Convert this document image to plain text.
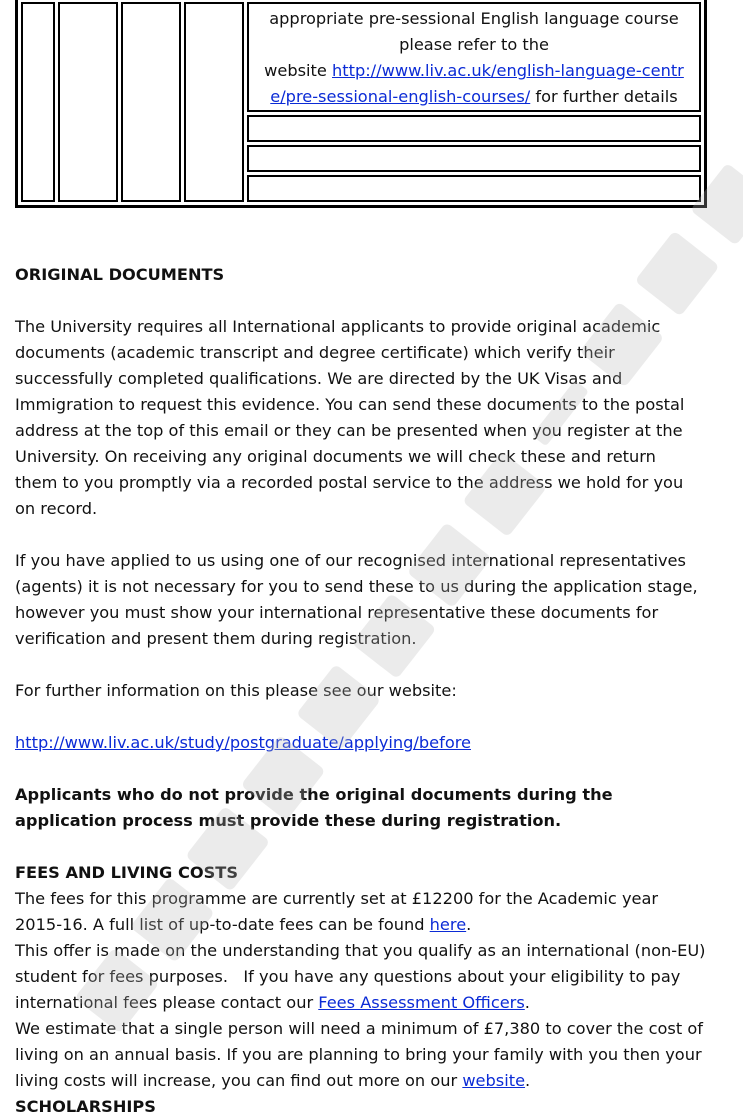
				appropriate pre-sessional English language course
please refer to the
website http://www.liv.ac.uk/english-language-centr
e/pre-sessional-english-courses/ for further details

ORIGINAL DOCUMENTS

The University requires all International applicants to provide original academic
documents (academic transcript and degree certificate) which verify their
successfully completed qualifications. We are directed by the UK Visas and
Immigration to request this evidence. You can send these documents to the postal
address at the top of this email or they can be presented when you register at the
University. On receiving any original documents we will check these and return
them to you promptly via a recorded postal service to the address we hold for you
on record.

If you have applied to us using one of our recognised international representatives
(agents) it is not necessary for you to send these to us during the application stage,
however you must show your international representative these documents for
verification and present them during registration.

For further information on this please see our website:

http://www.liv.ac.uk/study/postgraduate/applying/before

Applicants who do not provide the original documents during the
application process must provide these during registration.

FEES AND LIVING COSTS

The fees for this programme are currently set at £12200 for the Academic year
2015-16. A full list of up-to-date fees can be found here.
This offer is made on the understanding that you qualify as an international (non-EU)
student for fees purposes.   If you have any questions about your eligibility to pay
international fees please contact our Fees Assessment Officers.
We estimate that a single person will need a minimum of £7,380 to cover the cost of
living on an annual basis. If you are planning to bring your family with you then your
living costs will increase, you can find out more on our website.

SCHOLARSHIPS
